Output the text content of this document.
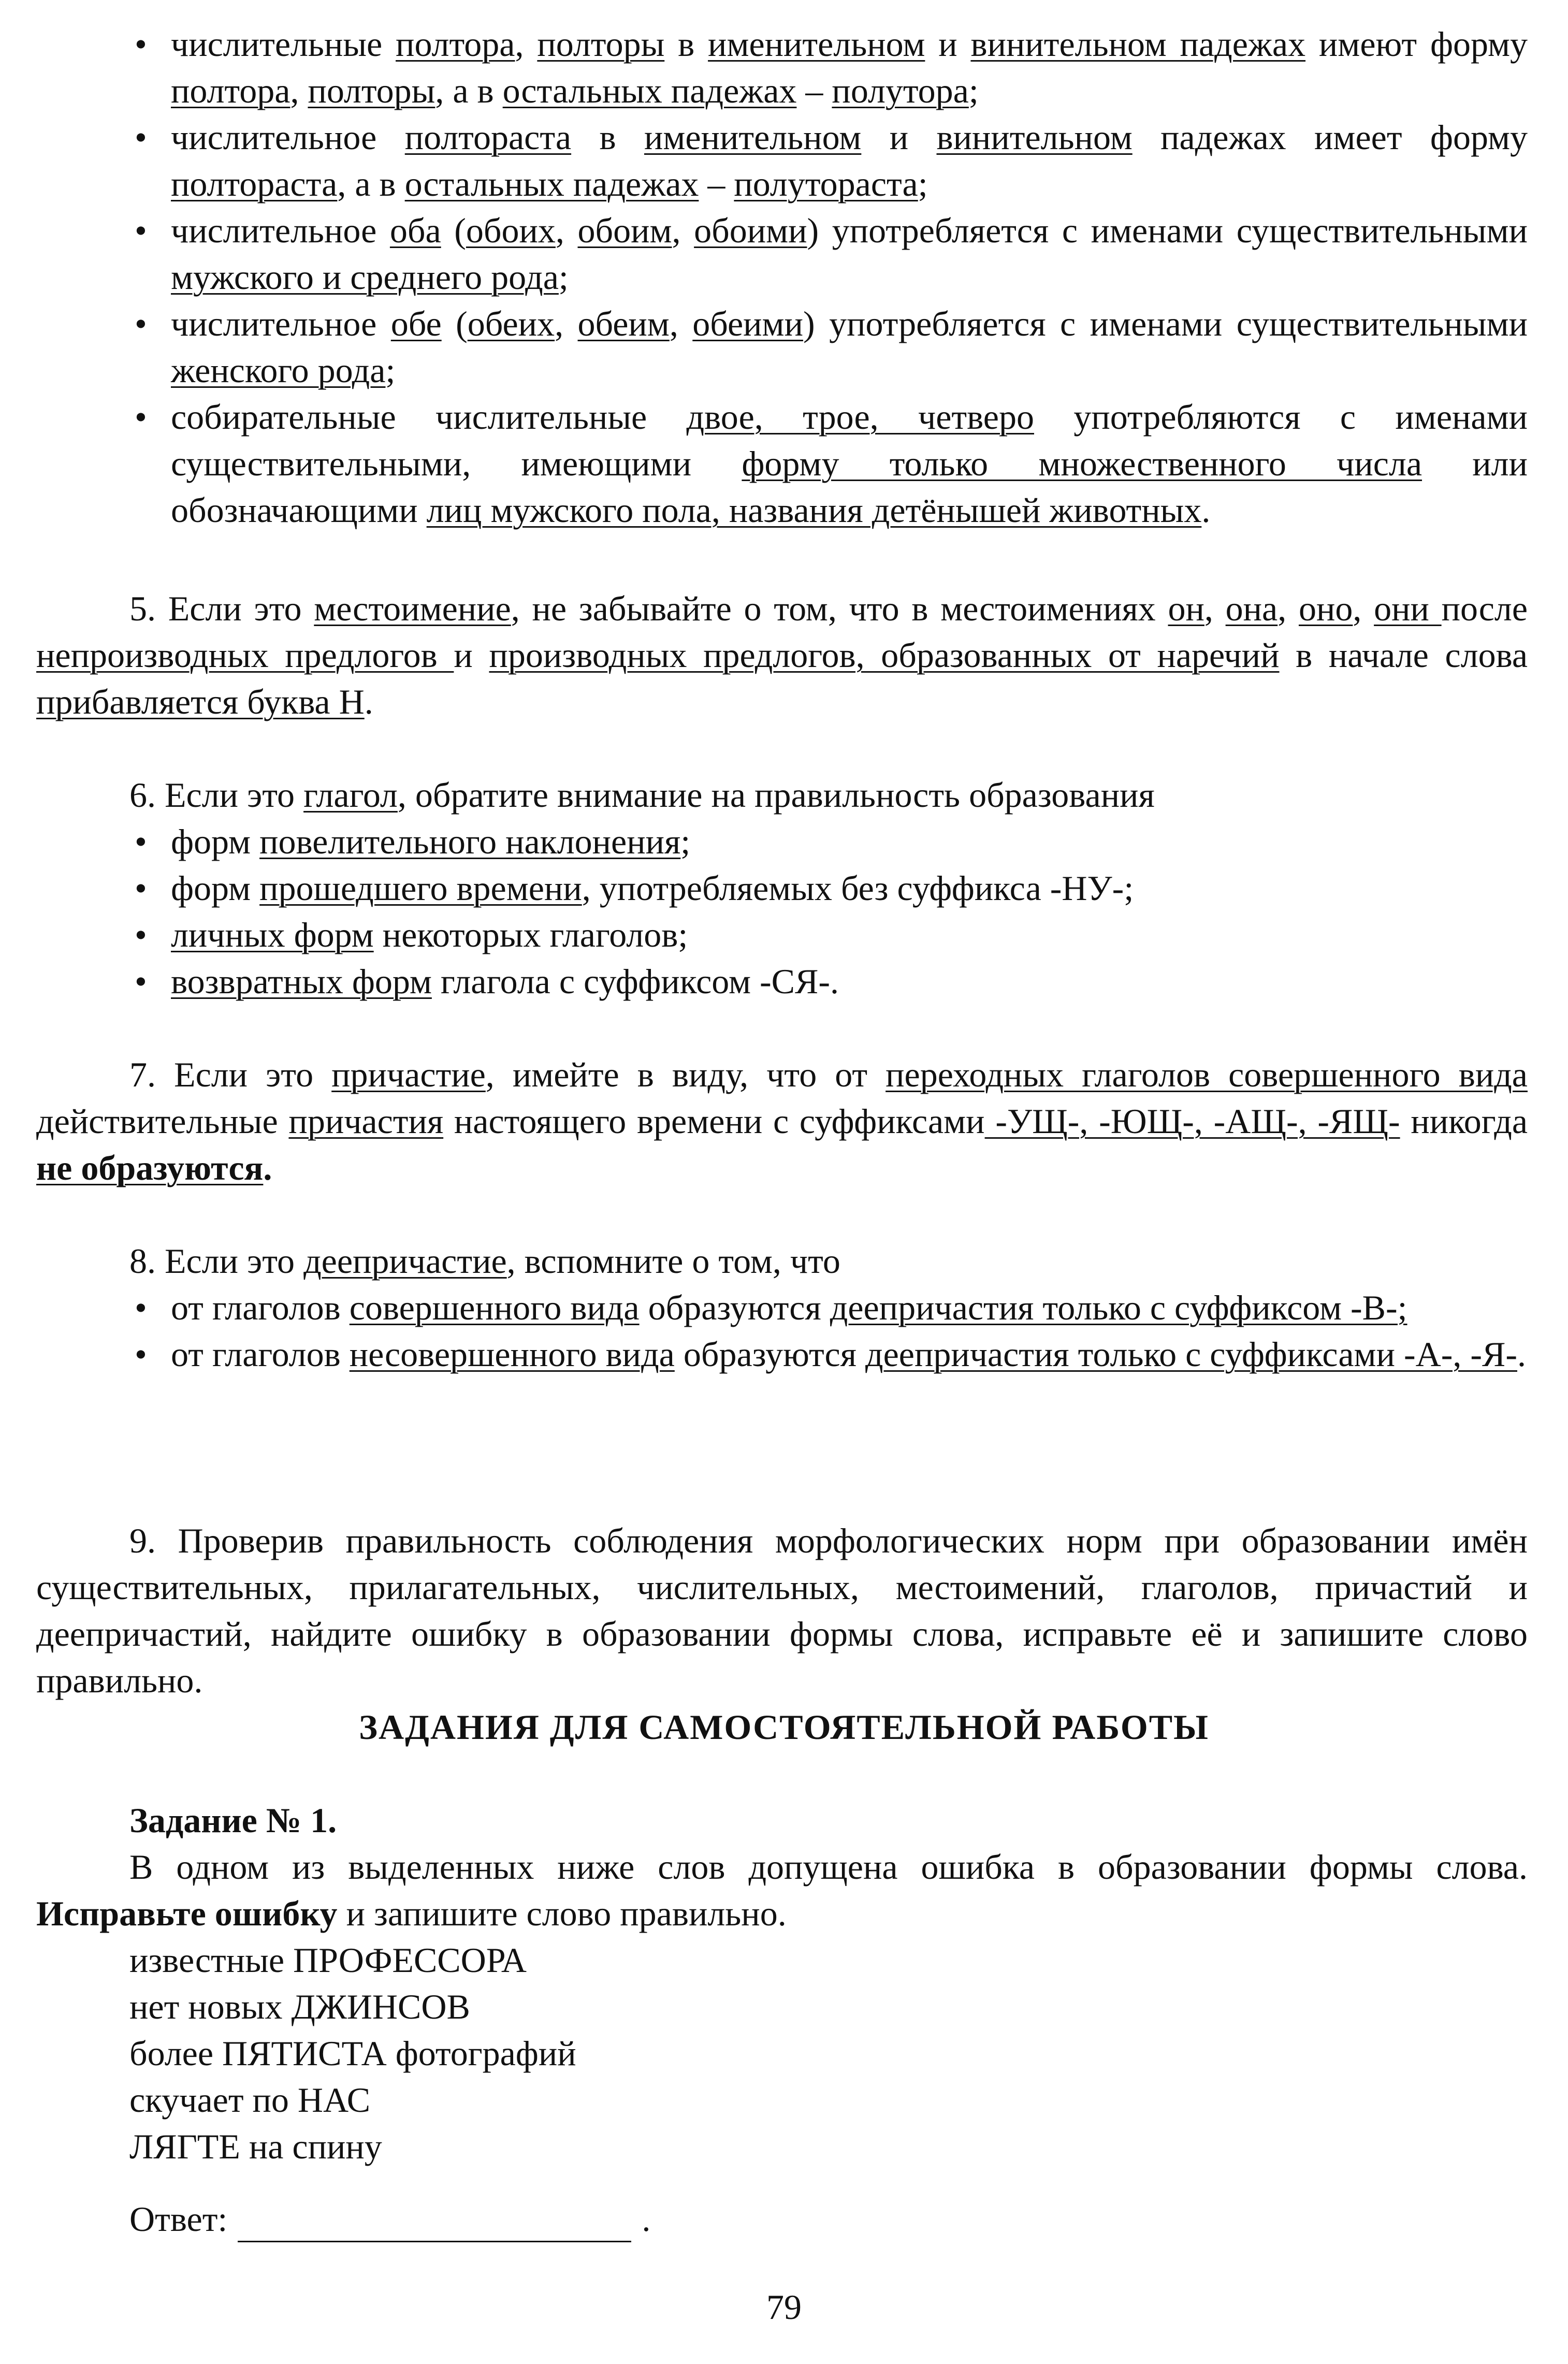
• числительные полтора, полторы в именительном и винительном падежах имеют форму полтора, полторы, а в остальных падежах – полутора;
• числительное полтораста в именительном и винительном падежах имеет форму полтораста, а в остальных падежах – полутораста;
• числительное оба (обоих, обоим, обоими) употребляется с именами существительными мужского и среднего рода;
• числительное обе (обеих, обеим, обеими) употребляется с именами существительными женского рода;
• собирательные числительные двое, трое, четверо употребляются с именами существительными, имеющими форму только множественного числа или обозначающими лиц мужского пола, названия детёнышей животных.
5. Если это местоимение, не забывайте о том, что в местоимениях он, она, оно, они после непроизводных предлогов и производных предлогов, образованных от наречий в начале слова прибавляется буква Н.
6. Если это глагол, обратите внимание на правильность образования
• форм повелительного наклонения;
• форм прошедшего времени, употребляемых без суффикса -НУ-;
• личных форм некоторых глаголов;
• возвратных форм глагола с суффиксом -СЯ-.
7. Если это причастие, имейте в виду, что от переходных глаголов совершенного вида действительные причастия настоящего времени с суффиксами -УЩ-, -ЮЩ-, -АЩ-, -ЯЩ- никогда не образуются.
8. Если это деепричастие, вспомните о том, что
• от глаголов совершенного вида образуются деепричастия только с суффиксом -В-;
• от глаголов несовершенного вида образуются деепричастия только с суффиксами -А-, -Я-.
9. Проверив правильность соблюдения морфологических норм при образовании имён существительных, прилагательных, числительных, местоимений, глаголов, причастий и деепричастий, найдите ошибку в образовании формы слова, исправьте её и запишите слово правильно.
ЗАДАНИЯ ДЛЯ САМОСТОЯТЕЛЬНОЙ РАБОТЫ
Задание № 1.
В одном из выделенных ниже слов допущена ошибка в образовании формы слова. Исправьте ошибку и запишите слово правильно.
известные ПРОФЕССОРА
нет новых ДЖИНСОВ
более ПЯТИСТА фотографий
скучает по НАС
ЛЯГТЕ на спину
Ответ:	.
79
